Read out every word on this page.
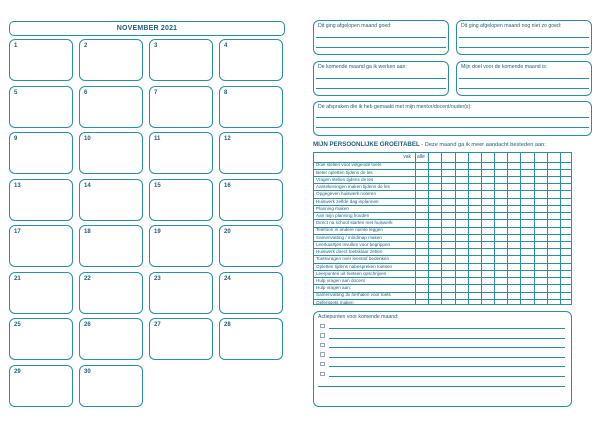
NOVEMBER 2021
1	2	3	4
5	6	7	8
9	10	11	12
13	14	15	16
17	18	19	20
21	22	23	24
25	26	27	28
29	30
Dit ging afgelopen maand goed:	Dit ging afgelopen maand nog niet zo goed:
De komende maand ga ik werken aan:	Mijn doel voor de komende maand is:
De afspraken die ik heb gemaakt met mijn mentor/docent/ouder(s):
MIJN PERSOONLIJKE GROEITABEL - Deze maand ga ik meer aandacht besteden aan:
vak alle
Doel stellen voor volgende toets
Beter opletten tijdens de les
Vragen stellen tijdens de les
Aantekeningen maken tijdens de les
Opgegeven huiswerk noteren
Huiswerk zelfde dag inplannen
Planning maken
Aan mijn planning houden
Direct na school starten met huiswerk
Telefoon in andere ruimte leggen
Samenvatting / mindmap maken
Leerkaartjes invullen voor begrippen
Huiswerk direct toetsklaar zetten
Toetsvragen over leerstof bedenken
Opletten tijdens nabespreken toetsen
Leerpunten uit toetsen opschrijven
Hulp vragen aan docent
Hulp vragen aan:
Samenvatting 3x herhalen voor toets
Oefentoets maken
Actiepunten voor komende maand:
